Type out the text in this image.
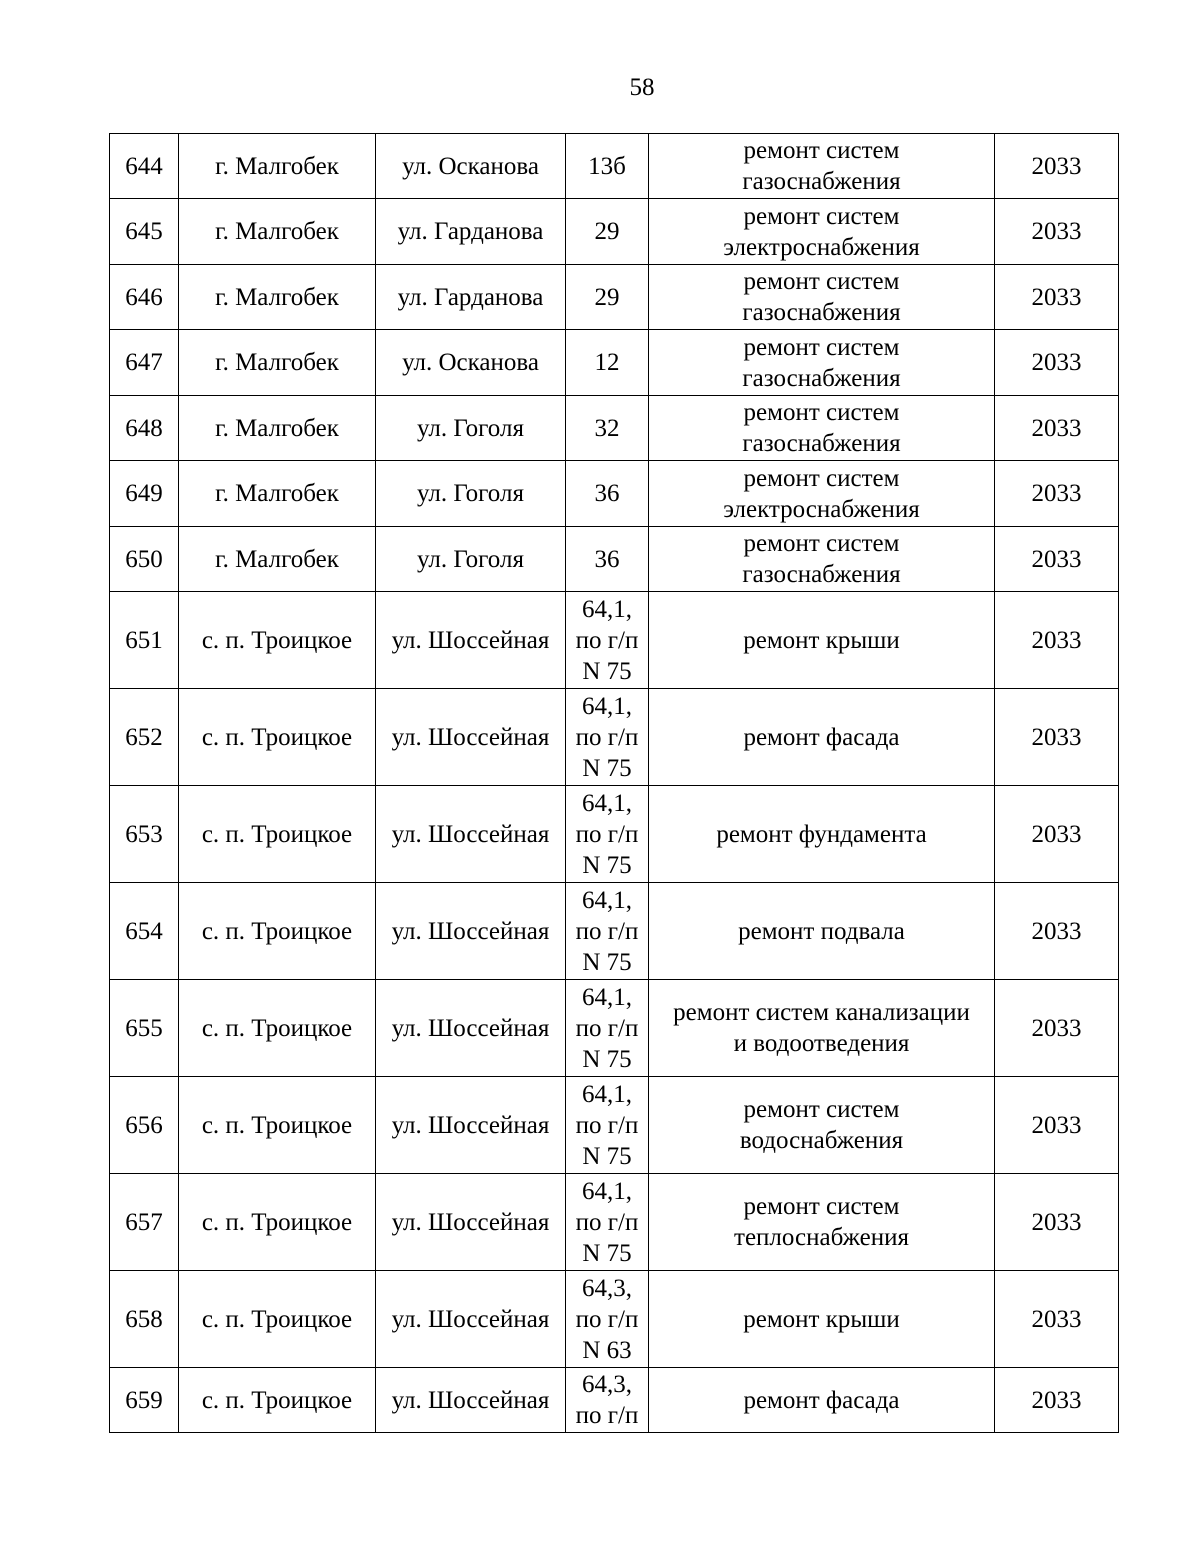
58
644	г. Малгобек	ул. Осканова	13б	ремонт систем
газоснабжения	2033
645	г. Малгобек	ул. Гарданова	29	ремонт систем
электроснабжения	2033
646	г. Малгобек	ул. Гарданова	29	ремонт систем
газоснабжения	2033
647	г. Малгобек	ул. Осканова	12	ремонт систем
газоснабжения	2033
648	г. Малгобек	ул. Гоголя	32	ремонт систем
газоснабжения	2033
649	г. Малгобек	ул. Гоголя	36	ремонт систем
электроснабжения	2033
650	г. Малгобек	ул. Гоголя	36	ремонт систем
газоснабжения	2033
651	с. п. Троицкое	ул. Шоссейная	64,1,
по г/п
N 75	ремонт крыши	2033
652	с. п. Троицкое	ул. Шоссейная	64,1,
по г/п
N 75	ремонт фасада	2033
653	с. п. Троицкое	ул. Шоссейная	64,1,
по г/п
N 75	ремонт фундамента	2033
654	с. п. Троицкое	ул. Шоссейная	64,1,
по г/п
N 75	ремонт подвала	2033
655	с. п. Троицкое	ул. Шоссейная	64,1,
по г/п
N 75	ремонт систем канализации
и водоотведения	2033
656	с. п. Троицкое	ул. Шоссейная	64,1,
по г/п
N 75	ремонт систем
водоснабжения	2033
657	с. п. Троицкое	ул. Шоссейная	64,1,
по г/п
N 75	ремонт систем
теплоснабжения	2033
658	с. п. Троицкое	ул. Шоссейная	64,3,
по г/п
N 63	ремонт крыши	2033
659	с. п. Троицкое	ул. Шоссейная	64,3,
по г/п	ремонт фасада	2033
